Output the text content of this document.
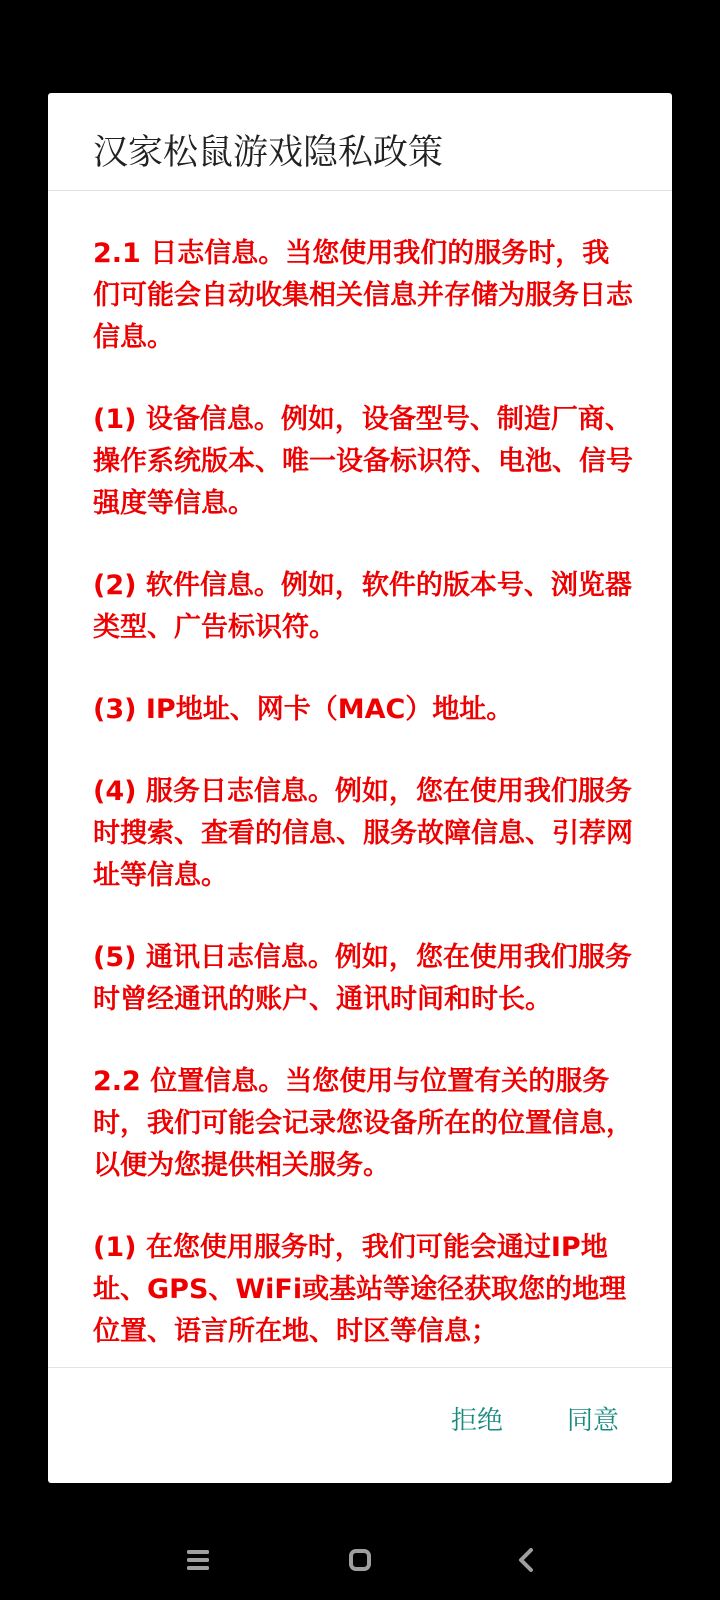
汉家松鼠游戏隐私政策

2.1 日志信息。当您使用我们的服务时，我们可能会自动收集相关信息并存储为服务日志信息。

(1) 设备信息。例如，设备型号、制造厂商、操作系统版本、唯一设备标识符、电池、信号强度等信息。

(2) 软件信息。例如，软件的版本号、浏览器类型、广告标识符。

(3) IP地址、网卡（MAC）地址。

(4) 服务日志信息。例如，您在使用我们服务时搜索、查看的信息、服务故障信息、引荐网址等信息。

(5) 通讯日志信息。例如，您在使用我们服务时曾经通讯的账户、通讯时间和时长。

2.2 位置信息。当您使用与位置有关的服务时，我们可能会记录您设备所在的位置信息，以便为您提供相关服务。

(1) 在您使用服务时，我们可能会通过IP地址、GPS、WiFi或基站等途径获取您的地理位置、语言所在地、时区等信息；

拒绝	同意
